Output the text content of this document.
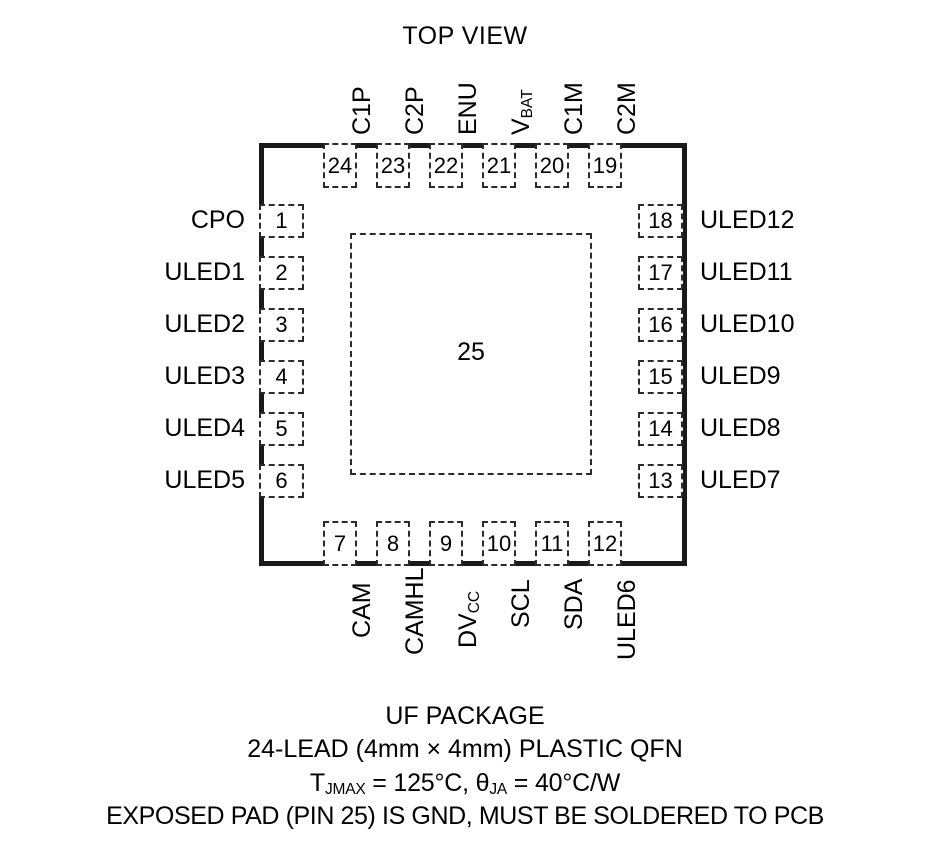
TOP VIEW
25
24
C1P
23
C2P
22
ENU
21
$V_{BAT}$
20
C1M
19
C2M
1
CPO
2
ULED1
3
ULED2
4
ULED3
5
ULED4
6
ULED5
18 ULED12
17 ULED11
16 ULED10
15 ULED9
14 ULED8
13 ULED7
7
CAM
8
CAMHL
9
$DV_{CC}$
10
SCL
11
SDA
12
ULED6
UF PACKAGE
24-LEAD (4mm × 4mm) PLASTIC QFN
$T_{JMAX} = 125^\circ C$, $\theta_{JA} = 40^\circ C/W$
EXPOSED PAD (PIN 25) IS GND, MUST BE SOLDERED TO PCB
